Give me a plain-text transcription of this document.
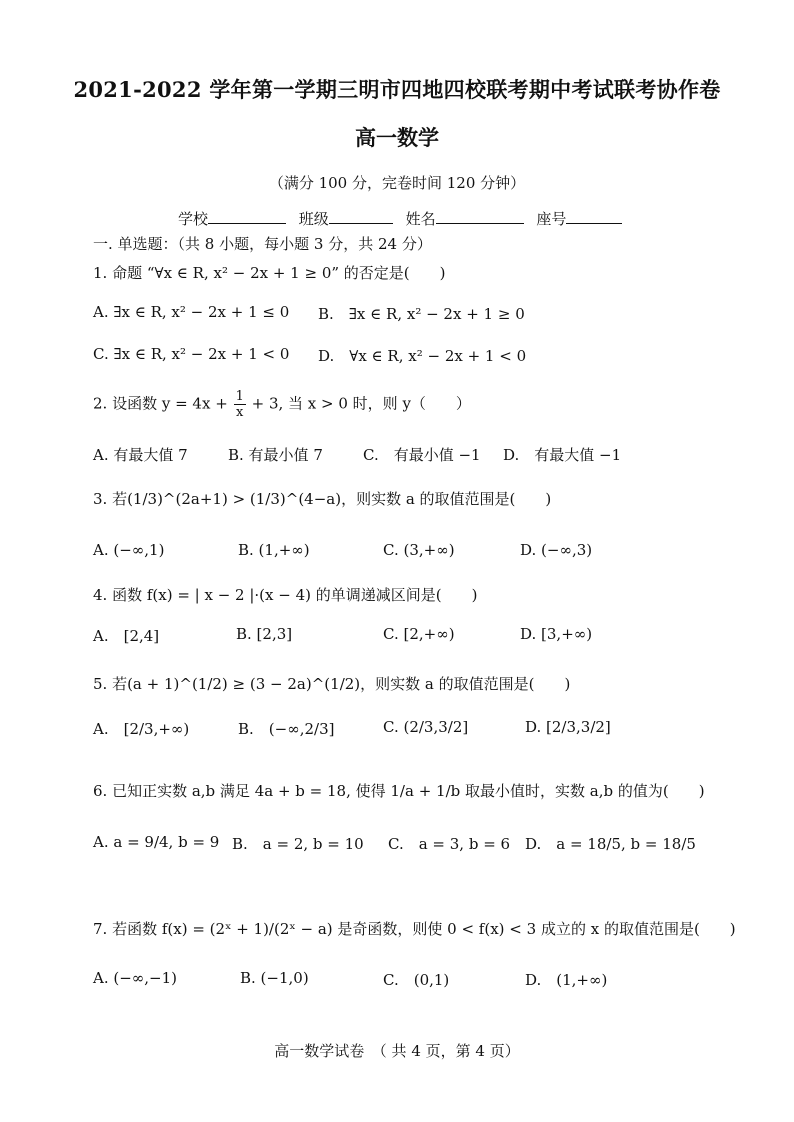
2021-2022 学年第一学期三明市四地四校联考期中考试联考协作卷
高一数学
（满分 100 分，完卷时间 120 分钟）
学校	班级	姓名	座号
一. 单选题：（共 8 小题，每小题 3 分，共 24 分）
1. 命题 “∀x ∈ R, x² − 2x + 1 ≥ 0” 的否定是(　　)
A. ∃x ∈ R, x² − 2x + 1 ≤ 0 B.　∃x ∈ R, x² − 2x + 1 ≥ 0
C. ∃x ∈ R, x² − 2x + 1 < 0 D.　∀x ∈ R, x² − 2x + 1 < 0
2. 设函数 $y = 4x + \frac{1}{x} + 3$, 当 x > 0 时，则 y（　　）
A. 有最大值 7	B. 有最小值 7	C.　有最小值 −1 D.　有最大值 −1
3. 若(1/3)^(2a+1) > (1/3)^(4−a)，则实数 a 的取值范围是(　　)
A. (−∞,1)	B. (1,+∞)	C. (3,+∞)	D. (−∞,3)
4. 函数 f(x) = | x − 2 |·(x − 4) 的单调递减区间是(　　)
A.　[2,4]	B. [2,3]	C. [2,+∞)	D. [3,+∞)
5. 若(a + 1)^(1/2) ≥ (3 − 2a)^(1/2)，则实数 a 的取值范围是(　　)
A.　[2/3,+∞)	B.　(−∞,2/3]	C. (2/3,3/2]	D. [2/3,3/2]
6. 已知正实数 a,b 满足 4a + b = 18, 使得 1/a + 1/b 取最小值时，实数 a,b 的值为(　　)
A. a = 9/4, b = 9 B.　a = 2, b = 10 C.　a = 3, b = 6 D.　a = 18/5, b = 18/5
7. 若函数 f(x) = (2ˣ + 1)/(2ˣ − a) 是奇函数，则使 0 < f(x) < 3 成立的 x 的取值范围是(　　)
A. (−∞,−1)	B. (−1,0)	C.　(0,1)	D.　(1,+∞)
高一数学试卷　（ 共 4 页，第 4 页）
